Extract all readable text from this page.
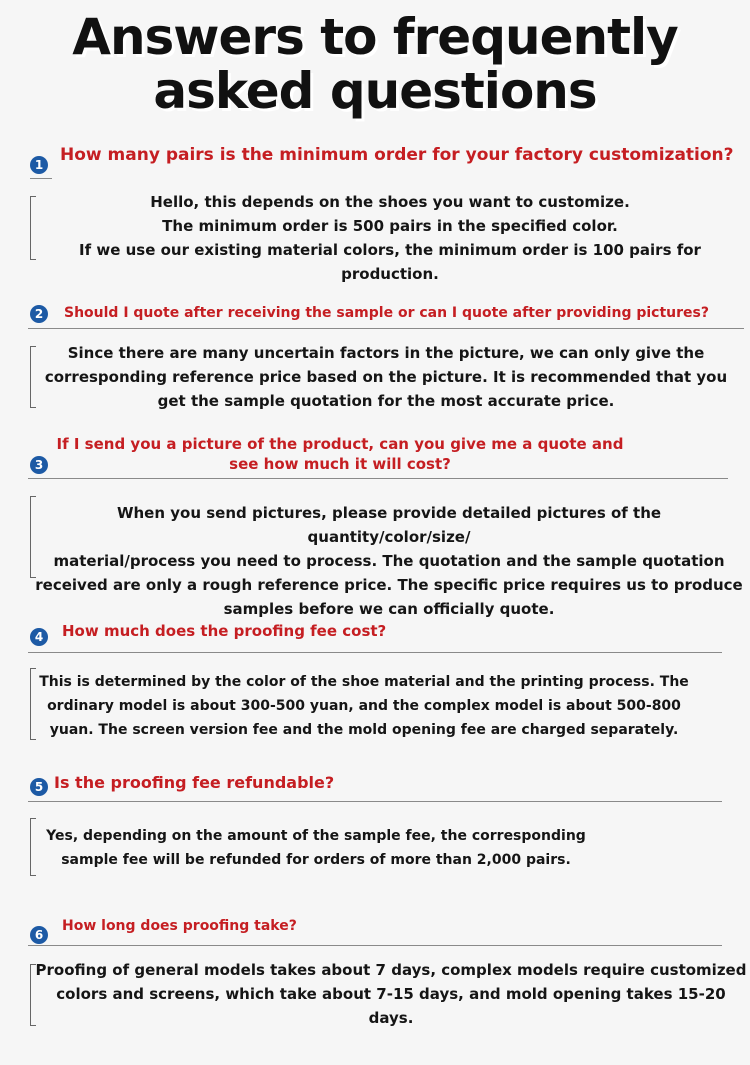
Answers to frequently
asked questions
1 How many pairs is the minimum order for your factory customization?
Hello, this depends on the shoes you want to customize.
The minimum order is 500 pairs in the specified color.
If we use our existing material colors, the minimum order is 100 pairs for production.
2	Should I quote after receiving the sample or can I quote after providing pictures?
Since there are many uncertain factors in the picture, we can only give the
corresponding reference price based on the picture. It is recommended that you
get the sample quotation for the most accurate price.
3
If I send you a picture of the product, can you give me a quote and
see how much it will cost?
When you send pictures, please provide detailed pictures of the quantity/color/size/
material/process you need to process. The quotation and the sample quotation
received are only a rough reference price. The specific price requires us to produce
samples before we can officially quote.
4	How much does the proofing fee cost?
This is determined by the color of the shoe material and the printing process. The
ordinary model is about 300-500 yuan, and the complex model is about 500-800
yuan. The screen version fee and the mold opening fee are charged separately.
5 Is the proofing fee refundable?
Yes, depending on the amount of the sample fee, the corresponding
sample fee will be refunded for orders of more than 2,000 pairs.
6
How long does proofing take?
Proofing of general models takes about 7 days, complex models require customized
colors and screens, which take about 7-15 days, and mold opening takes 15-20 days.
